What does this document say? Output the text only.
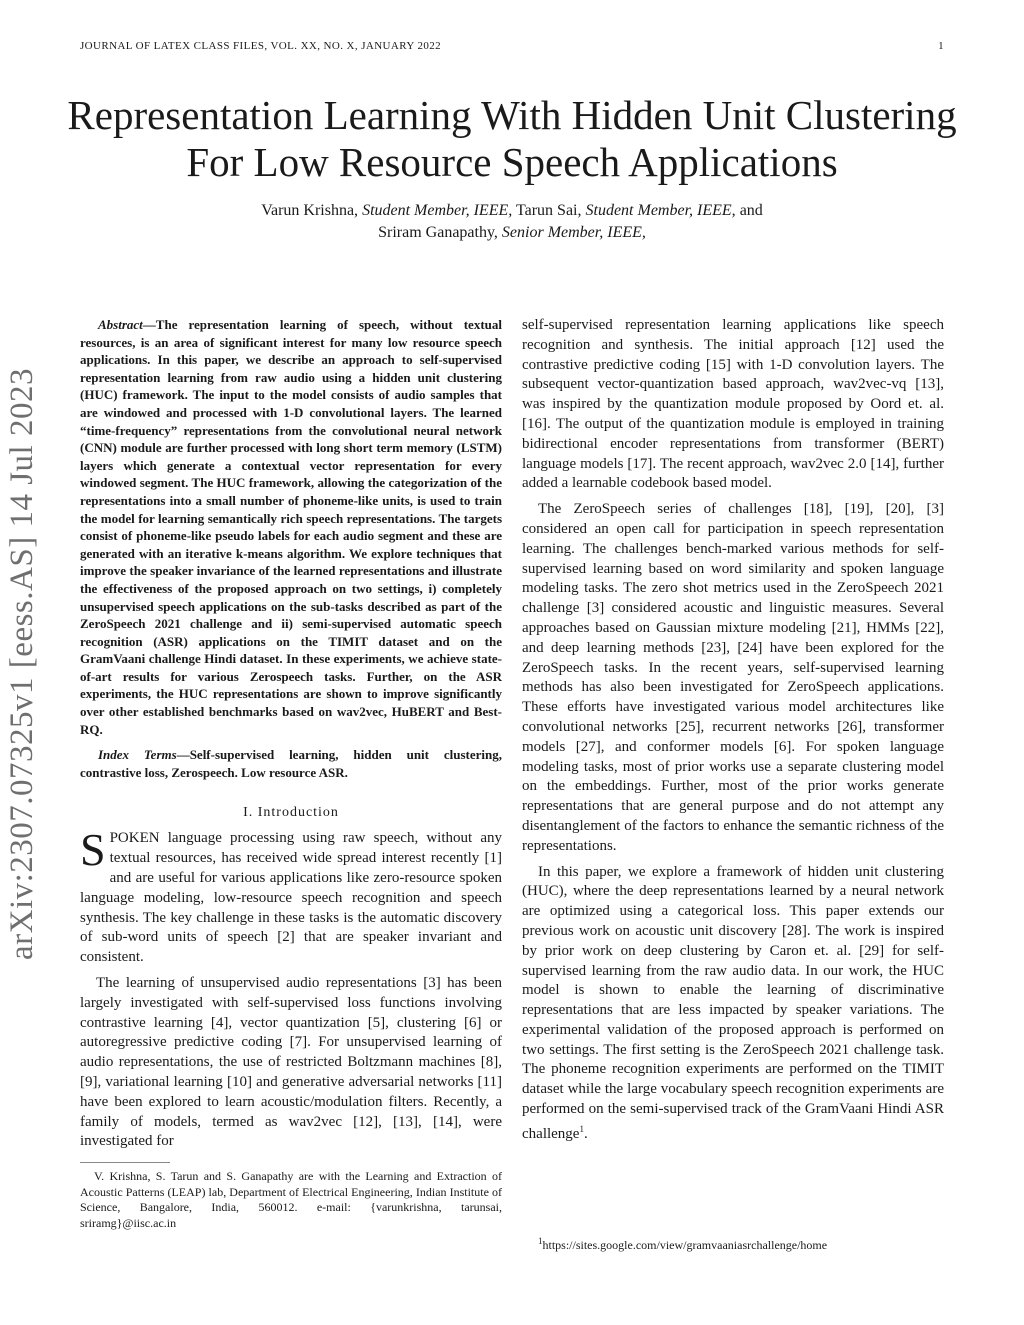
JOURNAL OF LATEX CLASS FILES, VOL. XX, NO. X, JANUARY 2022	1
Representation Learning With Hidden Unit Clustering For Low Resource Speech Applications
Varun Krishna, Student Member, IEEE, Tarun Sai, Student Member, IEEE, and
Sriram Ganapathy, Senior Member, IEEE,
arXiv:2307.07325v1 [eess.AS] 14 Jul 2023

Abstract—The representation learning of speech, without textual resources, is an area of significant interest for many low resource speech applications. In this paper, we describe an approach to self-supervised representation learning from raw audio using a hidden unit clustering (HUC) framework. The input to the model consists of audio samples that are windowed and processed with 1-D convolutional layers. The learned “time-frequency” representations from the convolutional neural network (CNN) module are further processed with long short term memory (LSTM) layers which generate a contextual vector representation for every windowed segment. The HUC framework, allowing the categorization of the representations into a small number of phoneme-like units, is used to train the model for learning semantically rich speech representations. The targets consist of phoneme-like pseudo labels for each audio segment and these are generated with an iterative k-means algorithm. We explore techniques that improve the speaker invariance of the learned representations and illustrate the effectiveness of the proposed approach on two settings, i) completely unsupervised speech applications on the sub-tasks described as part of the ZeroSpeech 2021 challenge and ii) semi-supervised automatic speech recognition (ASR) applications on the TIMIT dataset and on the GramVaani challenge Hindi dataset. In these experiments, we achieve state-of-art results for various Zerospeech tasks. Further, on the ASR experiments, the HUC representations are shown to improve significantly over other established benchmarks based on wav2vec, HuBERT and Best-RQ.

Index Terms—Self-supervised learning, hidden unit clustering, contrastive loss, Zerospeech. Low resource ASR.

I. Introduction

SPOKEN language processing using raw speech, without any textual resources, has received wide spread interest recently [1] and are useful for various applications like zero-resource spoken language modeling, low-resource speech recognition and speech synthesis. The key challenge in these tasks is the automatic discovery of sub-word units of speech [2] that are speaker invariant and consistent.

The learning of unsupervised audio representations [3] has been largely investigated with self-supervised loss functions involving contrastive learning [4], vector quantization [5], clustering [6] or autoregressive predictive coding [7]. For unsupervised learning of audio representations, the use of restricted Boltzmann machines [8], [9], variational learning [10] and generative adversarial networks [11] have been explored to learn acoustic/modulation filters. Recently, a family of models, termed as wav2vec [12], [13], [14], were investigated for

V. Krishna, S. Tarun and S. Ganapathy are with the Learning and Extraction of Acoustic Patterns (LEAP) lab, Department of Electrical Engineering, Indian Institute of Science, Bangalore, India, 560012. e-mail: {varunkrishna, tarunsai, sriramg}@iisc.ac.in

self-supervised representation learning applications like speech recognition and synthesis. The initial approach [12] used the contrastive predictive coding [15] with 1-D convolution layers. The subsequent vector-quantization based approach, wav2vec-vq [13], was inspired by the quantization module proposed by Oord et. al. [16]. The output of the quantization module is employed in training bidirectional encoder representations from transformer (BERT) language models [17]. The recent approach, wav2vec 2.0 [14], further added a learnable codebook based model.

The ZeroSpeech series of challenges [18], [19], [20], [3] considered an open call for participation in speech representation learning. The challenges bench-marked various methods for self-supervised learning based on word similarity and spoken language modeling tasks. The zero shot metrics used in the ZeroSpeech 2021 challenge [3] considered acoustic and linguistic measures. Several approaches based on Gaussian mixture modeling [21], HMMs [22], and deep learning methods [23], [24] have been explored for the ZeroSpeech tasks. In the recent years, self-supervised learning methods has also been investigated for ZeroSpeech applications. These efforts have investigated various model architectures like convolutional networks [25], recurrent networks [26], transformer models [27], and conformer models [6]. For spoken language modeling tasks, most of prior works use a separate clustering model on the embeddings. Further, most of the prior works generate representations that are general purpose and do not attempt any disentanglement of the factors to enhance the semantic richness of the representations.

In this paper, we explore a framework of hidden unit clustering (HUC), where the deep representations learned by a neural network are optimized using a categorical loss. This paper extends our previous work on acoustic unit discovery [28]. The work is inspired by prior work on deep clustering by Caron et. al. [29] for self-supervised learning from the raw audio data. In our work, the HUC model is shown to enable the learning of discriminative representations that are less impacted by speaker variations. The experimental validation of the proposed approach is performed on two settings. The first setting is the ZeroSpeech 2021 challenge task. The phoneme recognition experiments are performed on the TIMIT dataset while the large vocabulary speech recognition experiments are performed on the semi-supervised track of the GramVaani Hindi ASR challenge$^1$.

$^1$https://sites.google.com/view/gramvaaniasrchallenge/home
